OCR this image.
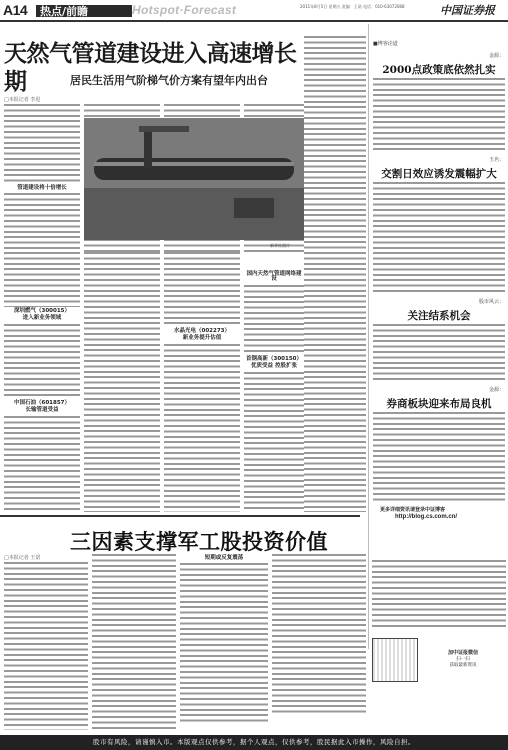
A14 热点/前瞻	Hotspot·Forecast	2011年8月5日 星期五 责编：王诺 电话：010-63072088	中国证券报
天然气管道建设进入高速增长期	居民生活用气阶梯气价方案有望年内出台
□本报记者 李进
管道建设将十倍增长
新华社图片
深圳燃气（300015）
进入新业务领域
中国石油（601857）
长输管道受益
水晶光电（002273）
新业务提升估值
国内天然气管道网络建设
首钢高新（300150）
优质受益 控股扩张
■博客论道
金源：
2000点政策底依然扎实
玉名：
交割日效应诱发震幅扩大
股市风云：
关注结系机会
金源：
券商板块迎来布局良机
更多详细资讯请登录中证博客
http://blog.cs.com.cn/
三因素支撑军工股投资价值
□本报记者 王诺	短期或反复震荡
加中证报微信
扫一扫
获取最新资讯
股市有风险，请谨慎入市。本版观点仅供参考，据个人观点，仅供参考，股民据此入市操作，风险自担。
